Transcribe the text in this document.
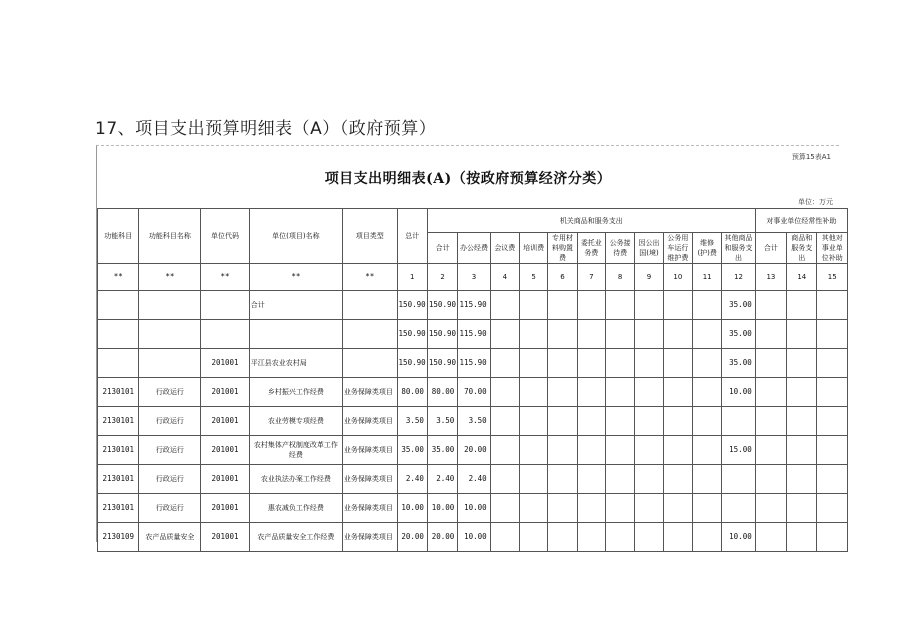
17、项目支出预算明细表（A）（政府预算）
预算15表A1
项目支出明细表(A)（按政府预算经济分类）
单位：万元
功能科目	功能科目名称	单位代码	单位(项目)名称	项目类型	总计	机关商品和服务支出											对事业单位经常性补助		
						合计	办公经费	会议费	培训费	专用材料购置费	委托业务费	公务接待费	因公出国(境)	公务用车运行维护费	维修(护)费	其他商品和服务支出	合计	商品和服务支出	其他对事业单位补助
**	**	**	**	**	1	2	3	4	5	6	7	8	9	10	11	12	13	14	15
			合计		150.90	150.90	115.90									35.00			
					150.90	150.90	115.90									35.00			
		201001	平江县农业农村局		150.90	150.90	115.90									35.00			
2130101	行政运行	201001	乡村振兴工作经费	业务保障类项目	80.00	80.00	70.00									10.00			
2130101	行政运行	201001	农业劳模专项经费	业务保障类项目	3.50	3.50	3.50												
2130101	行政运行	201001	农村集体产权制度改革工作经费	业务保障类项目	35.00	35.00	20.00									15.00			
2130101	行政运行	201001	农业执法办案工作经费	业务保障类项目	2.40	2.40	2.40												
2130101	行政运行	201001	惠农减负工作经费	业务保障类项目	10.00	10.00	10.00												
2130109	农产品质量安全	201001	农产品质量安全工作经费	业务保障类项目	20.00	20.00	10.00									10.00			
